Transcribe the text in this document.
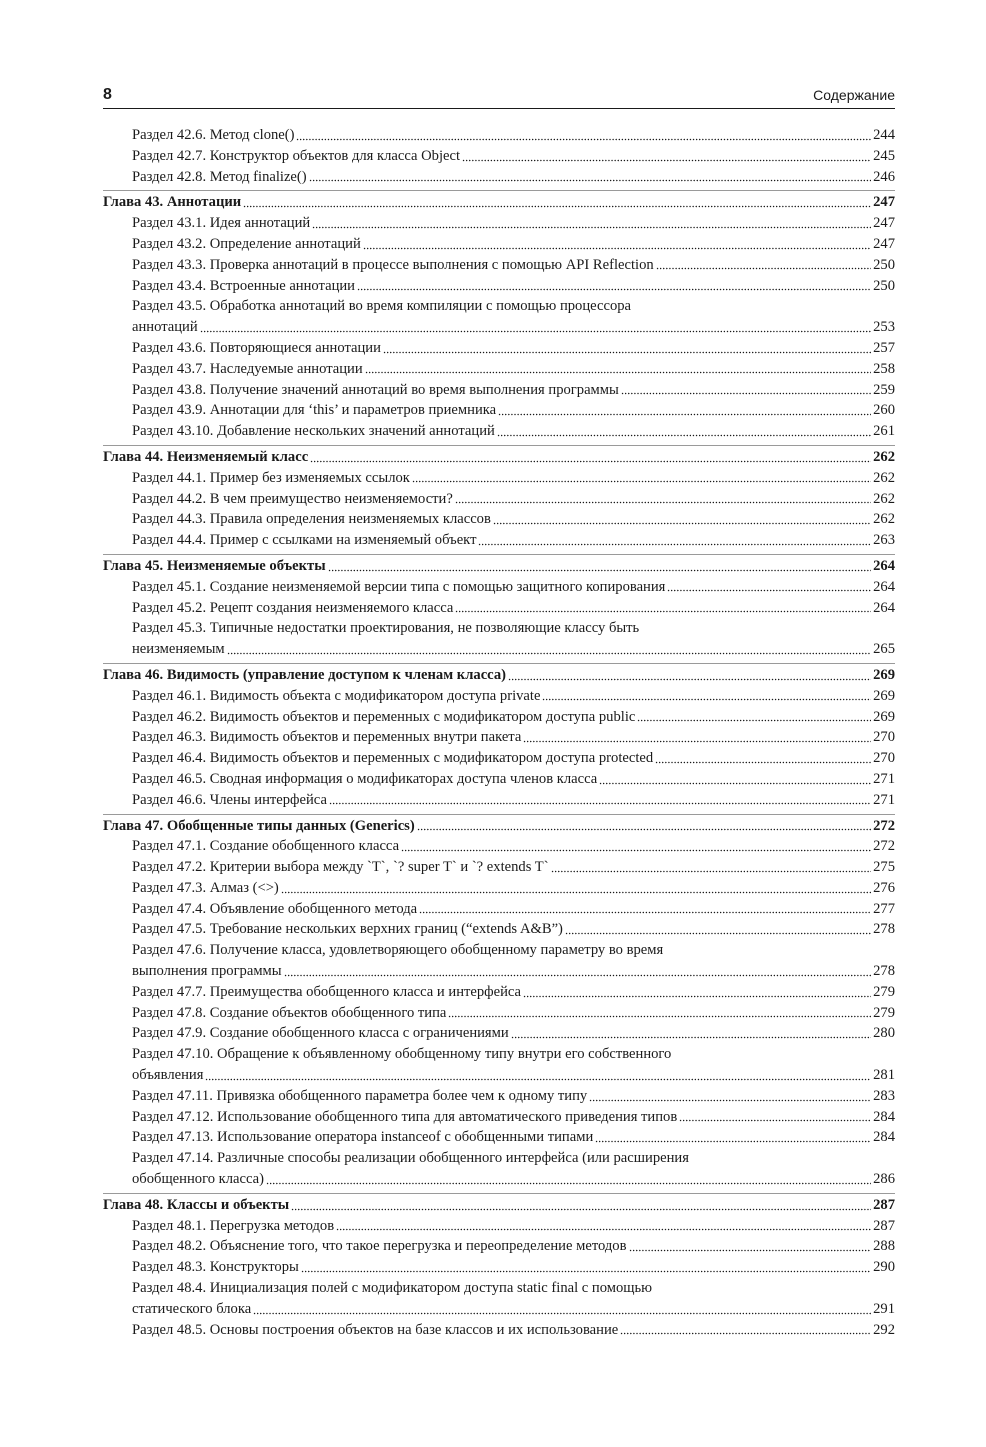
8	Содержание
Раздел 42.6. Метод clone()	244
Раздел 42.7. Конструктор объектов для класса Object	245
Раздел 42.8. Метод finalize()	246
Глава 43. Аннотации	247
Раздел 43.1. Идея аннотаций	247
Раздел 43.2. Определение аннотаций	247
Раздел 43.3. Проверка аннотаций в процессе выполнения с помощью API Reflection	250
Раздел 43.4. Встроенные аннотации	250
Раздел 43.5. Обработка аннотаций во время компиляции с помощью процессора
аннотаций	253
Раздел 43.6. Повторяющиеся аннотации	257
Раздел 43.7. Наследуемые аннотации	258
Раздел 43.8. Получение значений аннотаций во время выполнения программы	259
Раздел 43.9. Аннотации для ‘this’ и параметров приемника	260
Раздел 43.10. Добавление нескольких значений аннотаций	261
Глава 44. Неизменяемый класс	262
Раздел 44.1. Пример без изменяемых ссылок	262
Раздел 44.2. В чем преимущество неизменяемости?	262
Раздел 44.3. Правила определения неизменяемых классов	262
Раздел 44.4. Пример с ссылками на изменяемый объект	263
Глава 45. Неизменяемые объекты	264
Раздел 45.1. Создание неизменяемой версии типа с помощью защитного копирования	264
Раздел 45.2. Рецепт создания неизменяемого класса	264
Раздел 45.3. Типичные недостатки проектирования, не позволяющие классу быть
неизменяемым	265
Глава 46. Видимость (управление доступом к членам класса)	269
Раздел 46.1. Видимость объекта с модификатором доступа private	269
Раздел 46.2. Видимость объектов и переменных с модификатором доступа public	269
Раздел 46.3. Видимость объектов и переменных внутри пакета	270
Раздел 46.4. Видимость объектов и переменных с модификатором доступа protected	270
Раздел 46.5. Сводная информация о модификаторах доступа членов класса	271
Раздел 46.6. Члены интерфейса	271
Глава 47. Обобщенные типы данных (Generics)	272
Раздел 47.1. Создание обобщенного класса	272
Раздел 47.2. Критерии выбора между `T`, `? super T` и `? extends T`	275
Раздел 47.3. Алмаз (<>)	276
Раздел 47.4. Объявление обобщенного метода	277
Раздел 47.5. Требование нескольких верхних границ (“extends A&B”)	278
Раздел 47.6. Получение класса, удовлетворяющего обобщенному параметру во время
выполнения программы	278
Раздел 47.7. Преимущества обобщенного класса и интерфейса	279
Раздел 47.8. Создание объектов обобщенного типа	279
Раздел 47.9. Создание обобщенного класса с ограничениями	280
Раздел 47.10. Обращение к объявленному обобщенному типу внутри его собственного
объявления	281
Раздел 47.11. Привязка обобщенного параметра более чем к одному типу	283
Раздел 47.12. Использование обобщенного типа для автоматического приведения типов	284
Раздел 47.13. Использование оператора instanceof с обобщенными типами	284
Раздел 47.14. Различные способы реализации обобщенного интерфейса (или расширения
обобщенного класса)	286
Глава 48. Классы и объекты	287
Раздел 48.1. Перегрузка методов	287
Раздел 48.2. Объяснение того, что такое перегрузка и переопределение методов	288
Раздел 48.3. Конструкторы	290
Раздел 48.4. Инициализация полей с модификатором доступа static final с помощью
статического блока	291
Раздел 48.5. Основы построения объектов на базе классов и их использование	292
